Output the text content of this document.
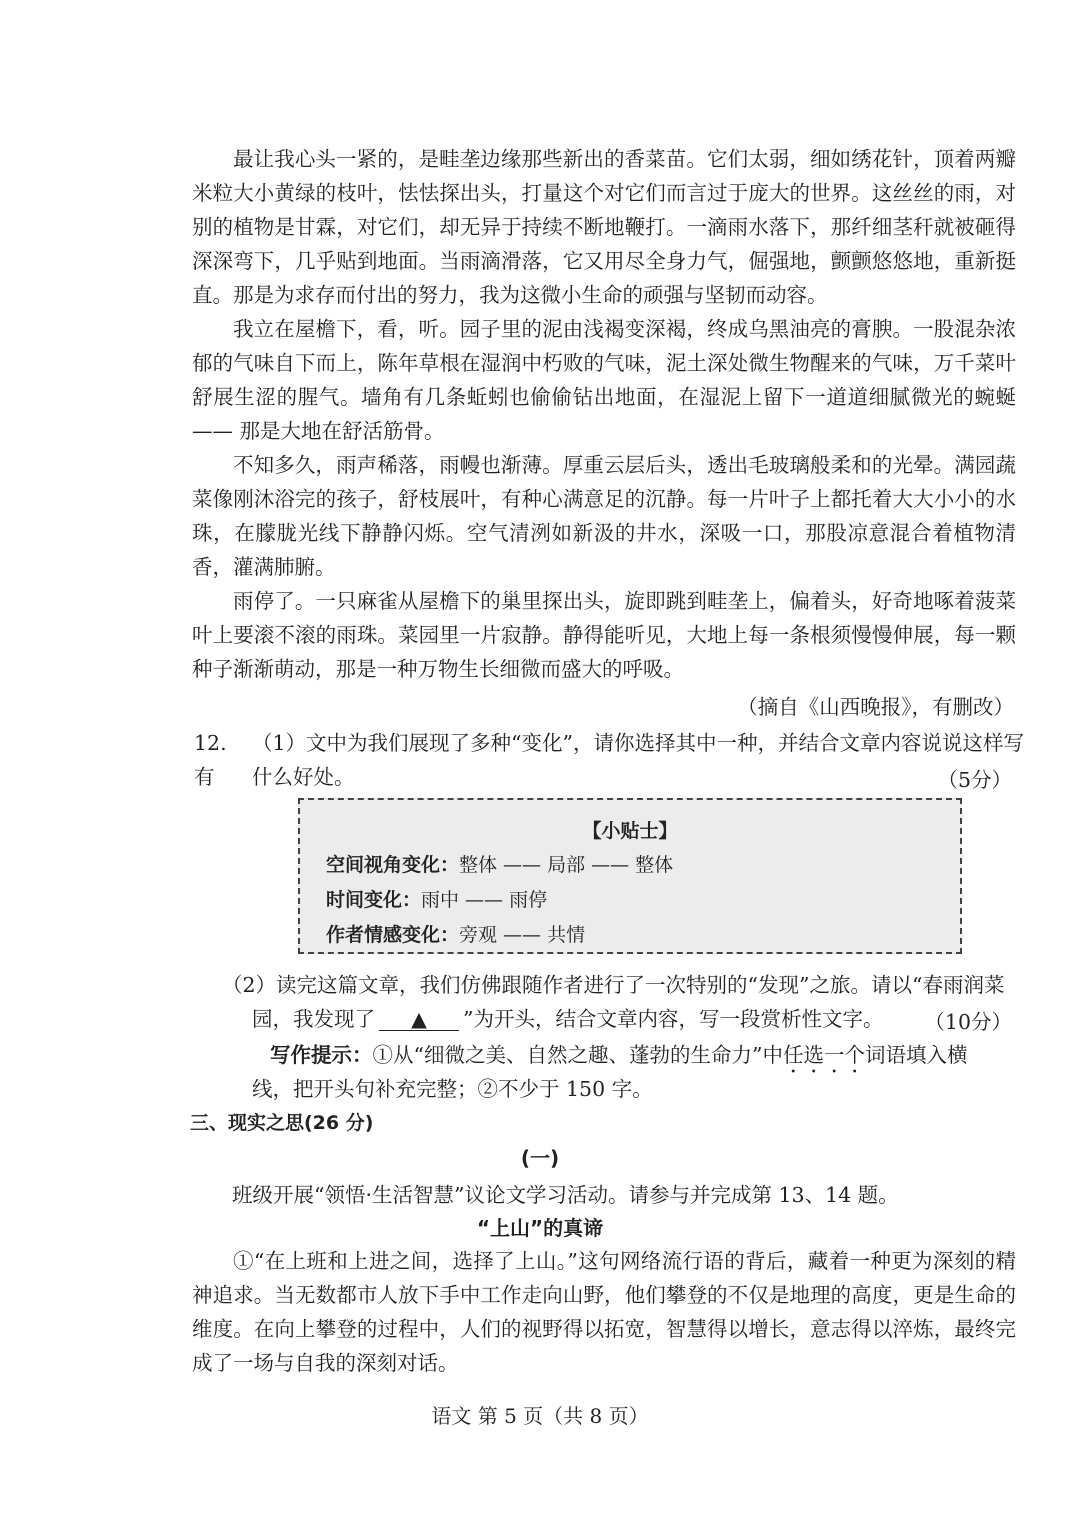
最让我心头一紧的，是畦垄边缘那些新出的香菜苗。它们太弱，细如绣花针，顶着两瓣米粒大小黄绿的枝叶，怯怯探出头，打量这个对它们而言过于庞大的世界。这丝丝的雨，对别的植物是甘霖，对它们，却无异于持续不断地鞭打。一滴雨水落下，那纤细茎秆就被砸得深深弯下，几乎贴到地面。当雨滴滑落，它又用尽全身力气，倔强地，颤颤悠悠地，重新挺直。那是为求存而付出的努力，我为这微小生命的顽强与坚韧而动容。

我立在屋檐下，看，听。园子里的泥由浅褐变深褐，终成乌黑油亮的膏腴。一股混杂浓郁的气味自下而上，陈年草根在湿润中朽败的气味，泥土深处微生物醒来的气味，万千菜叶舒展生涩的腥气。墙角有几条蚯蚓也偷偷钻出地面，在湿泥上留下一道道细腻微光的蜿蜒 —— 那是大地在舒活筋骨。

不知多久，雨声稀落，雨幔也渐薄。厚重云层后头，透出毛玻璃般柔和的光晕。满园蔬菜像刚沐浴完的孩子，舒枝展叶，有种心满意足的沉静。每一片叶子上都托着大大小小的水珠，在朦胧光线下静静闪烁。空气清洌如新汲的井水，深吸一口，那股凉意混合着植物清香，灌满肺腑。

雨停了。一只麻雀从屋檐下的巢里探出头，旋即跳到畦垄上，偏着头，好奇地啄着菠菜叶上要滚不滚的雨珠。菜园里一片寂静。静得能听见，大地上每一条根须慢慢伸展，每一颗种子渐渐萌动，那是一种万物生长细微而盛大的呼吸。

（摘自《山西晚报》，有删改）
12. （1）文中为我们展现了多种“变化”，请你选择其中一种，并结合文章内容说说这样写有	什么好处。	（5分）
【小贴士】
空间视角变化：整体 —— 局部 —— 整体
时间变化：雨中 —— 雨停
作者情感变化：旁观 —— 共情
（2）读完这篇文章，我们仿佛跟随作者进行了一次特别的“发现”之旅。请以“春雨润菜
园，我发现了 ▲ ”为开头，结合文章内容，写一段赏析性文字。 （10分）
写作提示：①从“细微之美、自然之趣、蓬勃的生命力”中任选一个词语填入横
线，把开头句补充完整；②不少于 150 字。
三、现实之思(26 分)
(一)
班级开展“领悟·生活智慧”议论文学习活动。请参与并完成第 13、14 题。
“上山”的真谛

①“在上班和上进之间，选择了上山。”这句网络流行语的背后，藏着一种更为深刻的精神追求。当无数都市人放下手中工作走向山野，他们攀登的不仅是地理的高度，更是生命的维度。在向上攀登的过程中，人们的视野得以拓宽，智慧得以增长，意志得以淬炼，最终完成了一场与自我的深刻对话。

语文 第 5 页（共 8 页）
